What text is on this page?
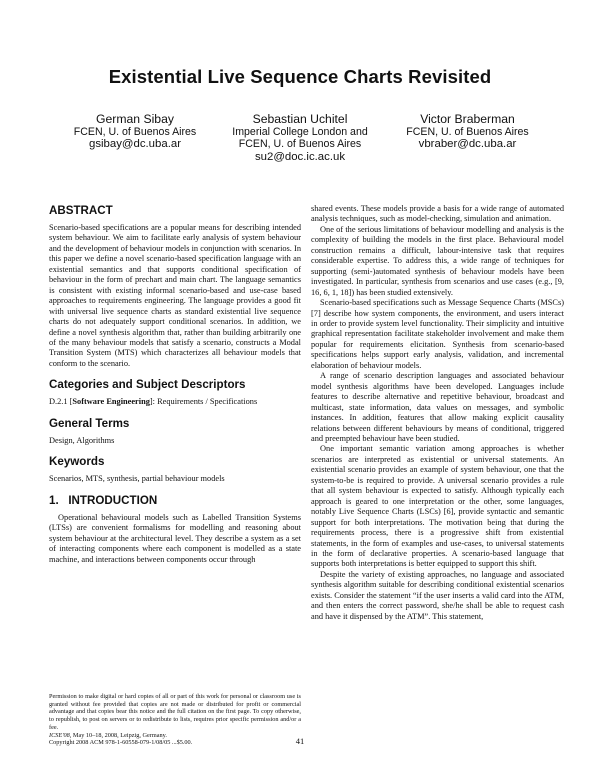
Existential Live Sequence Charts Revisited
German Sibay
FCEN, U. of Buenos Aires
gsibay@dc.uba.ar
Sebastian Uchitel
Imperial College London and
FCEN, U. of Buenos Aires
su2@doc.ic.ac.uk
Victor Braberman
FCEN, U. of Buenos Aires
vbraber@dc.uba.ar
ABSTRACT

Scenario-based specifications are a popular means for describing intended system behaviour. We aim to facilitate early analysis of system behaviour and the development of behaviour models in conjunction with scenarios. In this paper we define a novel scenario-based specification language with an existential semantics and that supports conditional specification of behaviour in the form of prechart and main chart. The language semantics is consistent with existing informal scenario-based and use-case based approaches to requirements engineering. The language provides a good fit with universal live sequence charts as standard existential live sequence charts do not adequately support conditional scenarios. In addition, we define a novel synthesis algorithm that, rather than building arbitrarily one of the many behaviour models that satisfy a scenario, constructs a Modal Transition System (MTS) which characterizes all behaviour models that conform to the scenario.

Categories and Subject Descriptors

D.2.1 [Software Engineering]: Requirements / Specifications

General Terms

Design, Algorithms

Keywords

Scenarios, MTS, synthesis, partial behaviour models

1.   INTRODUCTION

Operational behavioural models such as Labelled Transition Systems (LTSs) are convenient formalisms for modelling and reasoning about system behaviour at the architectural level. They describe a system as a set of interacting components where each component is modelled as a state machine, and interactions between components occur through

Permission to make digital or hard copies of all or part of this work for personal or classroom use is granted without fee provided that copies are not made or distributed for profit or commercial advantage and that copies bear this notice and the full citation on the first page. To copy otherwise, to republish, to post on servers or to redistribute to lists, requires prior specific permission and/or a fee.
ICSE'08, May 10–18, 2008, Leipzig, Germany.
Copyright 2008 ACM 978-1-60558-079-1/08/05 ...$5.00.

shared events. These models provide a basis for a wide range of automated analysis techniques, such as model-checking, simulation and animation.

One of the serious limitations of behaviour modelling and analysis is the complexity of building the models in the first place. Behavioural model construction remains a difficult, labour-intensive task that requires considerable expertise. To address this, a wide range of techniques for supporting (semi-)automated synthesis of behaviour models have been investigated. In particular, synthesis from scenarios and use cases (e.g., [9, 16, 6, 1, 18]) has been studied extensively.

Scenario-based specifications such as Message Sequence Charts (MSCs) [7] describe how system components, the environment, and users interact in order to provide system level functionality. Their simplicity and intuitive graphical representation facilitate stakeholder involvement and make them popular for requirements elicitation. Synthesis from scenario-based specifications helps support early analysis, validation, and incremental elaboration of behaviour models.

A range of scenario description languages and associated behaviour model synthesis algorithms have been developed. Languages include features to describe alternative and repetitive behaviour, broadcast and multicast, state information, data values on messages, and symbolic instances. In addition, features that allow making explicit causality relations between different behaviours by means of conditional, triggered and preempted behaviour have been studied.

One important semantic variation among approaches is whether scenarios are interpreted as existential or universal statements. An existential scenario provides an example of system behaviour, one that the system-to-be is required to provide. A universal scenario provides a rule that all system behaviour is expected to satisfy. Although typically each approach is geared to one interpretation or the other, some languages, notably Live Sequence Charts (LSCs) [6], provide syntactic and semantic support for both interpretations. The motivation being that during the requirements process, there is a progressive shift from existential statements, in the form of examples and use-cases, to universal statements in the form of declarative properties. A scenario-based language that supports both interpretations is better equipped to support this shift.

Despite the variety of existing approaches, no language and associated synthesis algorithm suitable for describing conditional existential scenarios exists. Consider the statement “if the user inserts a valid card into the ATM, and then enters the correct password, she/he shall be able to request cash and have it dispensed by the ATM”. This statement,

41
